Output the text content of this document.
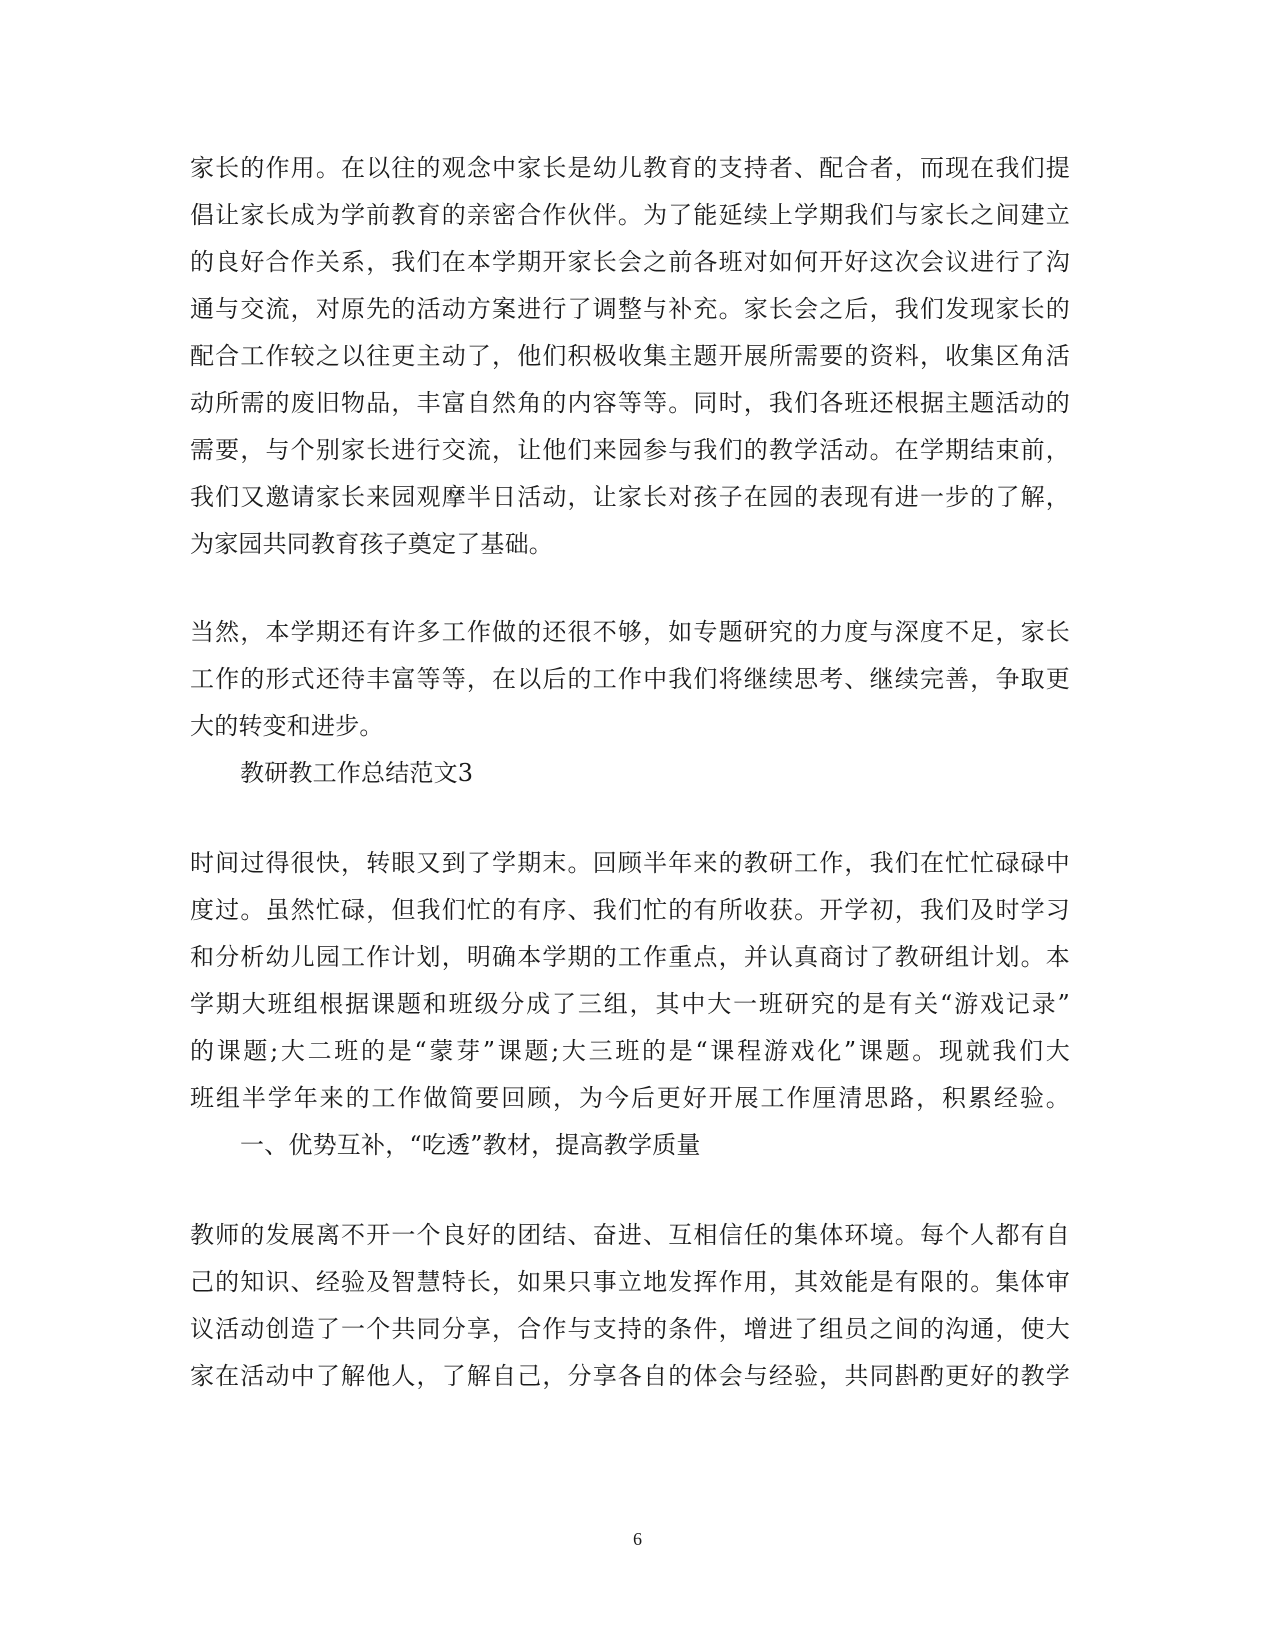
家长的作用。在以往的观念中家长是幼儿教育的支持者、配合者，而现在我们提
倡让家长成为学前教育的亲密合作伙伴。为了能延续上学期我们与家长之间建立
的良好合作关系，我们在本学期开家长会之前各班对如何开好这次会议进行了沟
通与交流，对原先的活动方案进行了调整与补充。家长会之后，我们发现家长的
配合工作较之以往更主动了，他们积极收集主题开展所需要的资料，收集区角活
动所需的废旧物品，丰富自然角的内容等等。同时，我们各班还根据主题活动的
需要，与个别家长进行交流，让他们来园参与我们的教学活动。在学期结束前，
我们又邀请家长来园观摩半日活动，让家长对孩子在园的表现有进一步的了解，
为家园共同教育孩子奠定了基础。
当然，本学期还有许多工作做的还很不够，如专题研究的力度与深度不足，家长
工作的形式还待丰富等等，在以后的工作中我们将继续思考、继续完善，争取更
大的转变和进步。
教研教工作总结范文3
时间过得很快，转眼又到了学期末。回顾半年来的教研工作，我们在忙忙碌碌中
度过。虽然忙碌，但我们忙的有序、我们忙的有所收获。开学初，我们及时学习
和分析幼儿园工作计划，明确本学期的工作重点，并认真商讨了教研组计划。本
学期大班组根据课题和班级分成了三组，其中大一班研究的是有关“游戏记录”
的课题;大二班的是“蒙芽”课题;大三班的是“课程游戏化”课题。现就我们大
班组半学年来的工作做简要回顾，为今后更好开展工作厘清思路，积累经验。
一、优势互补，“吃透”教材，提高教学质量
教师的发展离不开一个良好的团结、奋进、互相信任的集体环境。每个人都有自
己的知识、经验及智慧特长，如果只事立地发挥作用，其效能是有限的。集体审
议活动创造了一个共同分享，合作与支持的条件，增进了组员之间的沟通，使大
家在活动中了解他人，了解自己，分享各自的体会与经验，共同斟酌更好的教学
6
